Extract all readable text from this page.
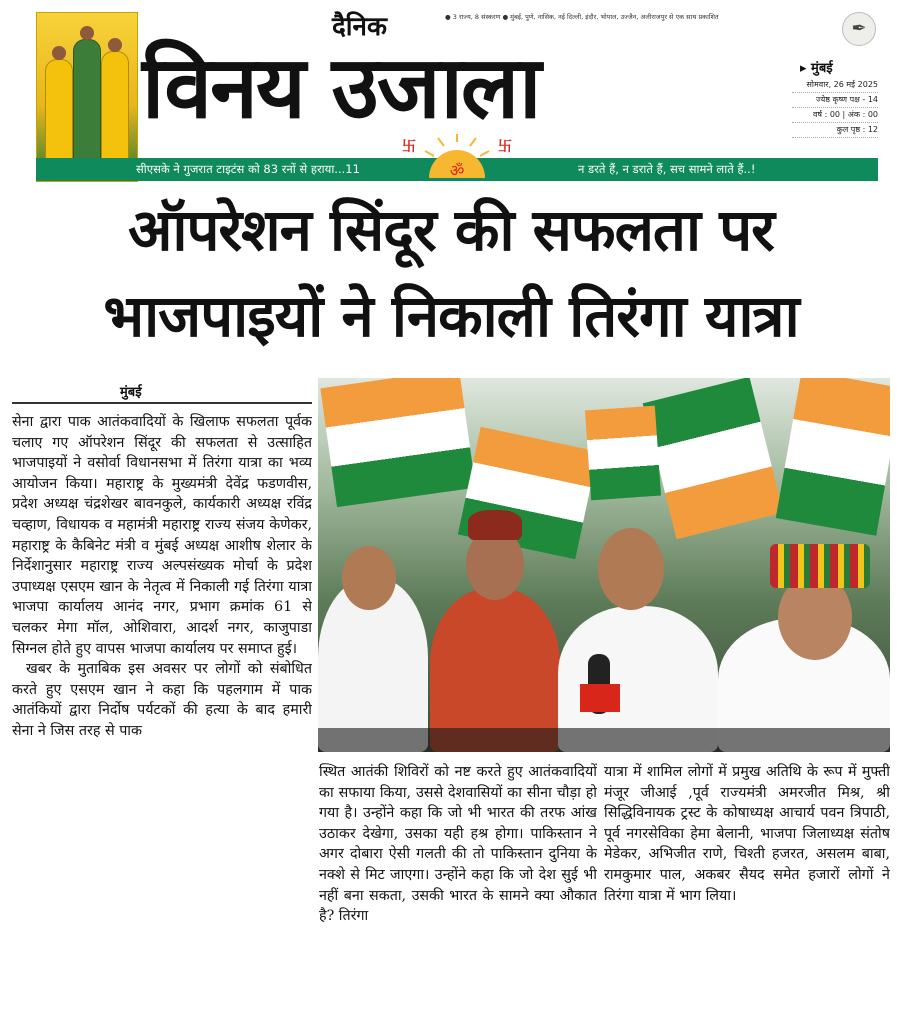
दैनिक
विनय उजाला
● 3 राज्य, 8 संस्करण ● मुंबई, पुणे, नासिक, नई दिल्ली, इंदौर, भोपाल, उज्जैन, अलीराजपुर से एक साथ प्रकाशित
✒
▸ मुंबई
सोमवार, 26 मई 2025
ज्येष्ठ कृष्ण पक्ष - 14
वर्ष : 00 | अंक : 00
कुल पृष्ठ : 12
सीएसके ने गुजरात टाइटंस को 83 रनों से हराया...11	न डरते हैं, न डराते हैं, सच सामने लाते हैं..!
ॐ
卐	卐
ऑपरेशन सिंदूर की सफलता पर
भाजपाइयों ने निकाली तिरंगा यात्रा
मुंबई

सेना द्वारा पाक आतंकवादियों के खिलाफ सफलता पूर्वक चलाए गए ऑपरेशन सिंदूर की सफलता से उत्साहित भाजपाइयों ने वसोर्वा विधानसभा में तिरंगा यात्रा का भव्य आयोजन किया। महाराष्ट्र के मुख्यमंत्री देवेंद्र फडणवीस, प्रदेश अध्यक्ष चंद्रशेखर बावनकुले, कार्यकारी अध्यक्ष रविंद्र चव्हाण, विधायक व महामंत्री महाराष्ट्र राज्य संजय केणेकर, महाराष्ट्र के कैबिनेट मंत्री व मुंबई अध्यक्ष आशीष शेलार के निर्देशानुसार महाराष्ट्र राज्य अल्पसंख्यक मोर्चा के प्रदेश उपाध्यक्ष एसएम खान के नेतृत्व में निकाली गई तिरंगा यात्रा भाजपा कार्यालय आनंद नगर, प्रभाग क्रमांक 61 से चलकर मेगा मॉल, ओशिवारा, आदर्श नगर, काजुपाडा सिग्नल होते हुए वापस भाजपा कार्यालय पर समाप्त हुई।

खबर के मुताबिक इस अवसर पर लोगों को संबोधित करते हुए एसएम खान ने कहा कि पहलगाम में पाक आतंकियों द्वारा निर्दोष पर्यटकों की हत्या के बाद हमारी सेना ने जिस तरह से पाक

स्थित आतंकी शिविरों को नष्ट करते हुए आतंकवादियों का सफाया किया, उससे देशवासियों का सीना चौड़ा हो गया है। उन्होंने कहा कि जो भी भारत की तरफ आंख उठाकर देखेगा, उसका यही हश्र होगा। पाकिस्तान ने अगर दोबारा ऐसी गलती की तो पाकिस्तान दुनिया के नक्शे से मिट जाएगा। उन्होंने कहा कि जो देश सुई भी नहीं बना सकता, उसकी भारत के सामने क्या औकात है? तिरंगा

यात्रा में शामिल लोगों में प्रमुख अतिथि के रूप में मुफ्ती मंजूर जीआई ,पूर्व राज्यमंत्री अमरजीत मिश्र, श्री सिद्धिविनायक ट्रस्ट के कोषाध्यक्ष आचार्य पवन त्रिपाठी, पूर्व नगरसेविका हेमा बेलानी, भाजपा जिलाध्यक्ष संतोष मेडेकर, अभिजीत राणे, चिश्ती हजरत, असलम बाबा, रामकुमार पाल, अकबर सैयद समेत हजारों लोगों ने तिरंगा यात्रा में भाग लिया।
